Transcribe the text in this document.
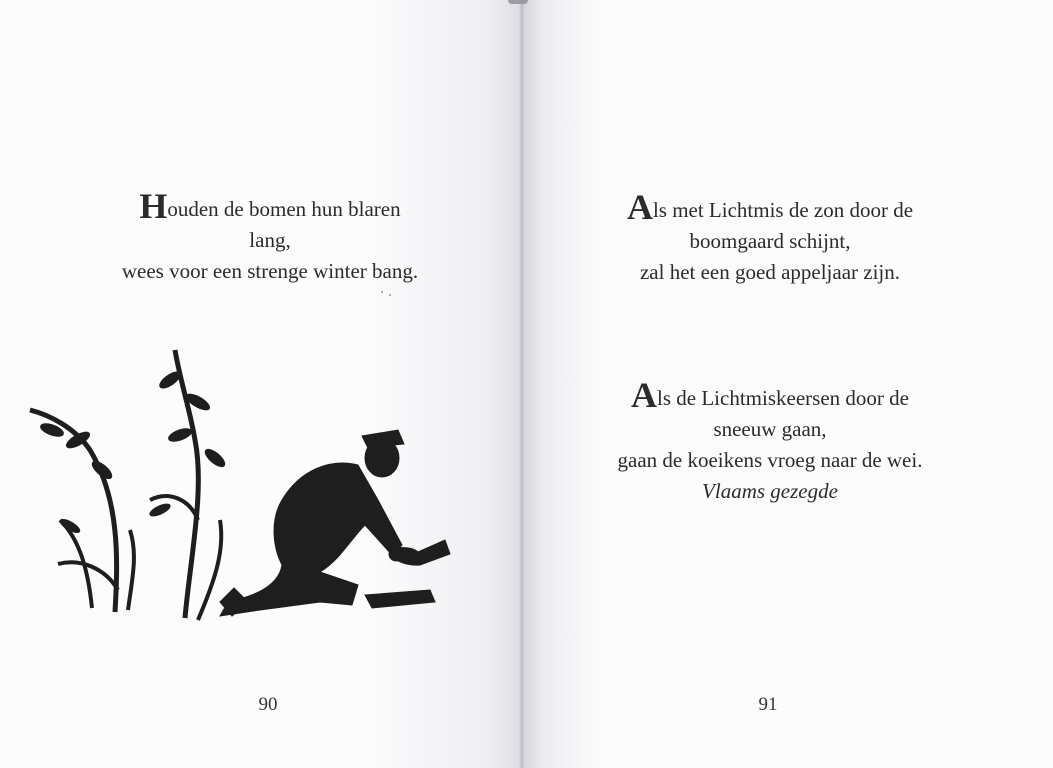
Houden de bomen hun blaren
lang,
wees voor een strenge winter bang.
90
Als met Lichtmis de zon door de
boomgaard schijnt,
zal het een goed appeljaar zijn.
Als de Lichtmiskeersen door de
sneeuw gaan,
gaan de koeikens vroeg naar de wei.
Vlaams gezegde
91
